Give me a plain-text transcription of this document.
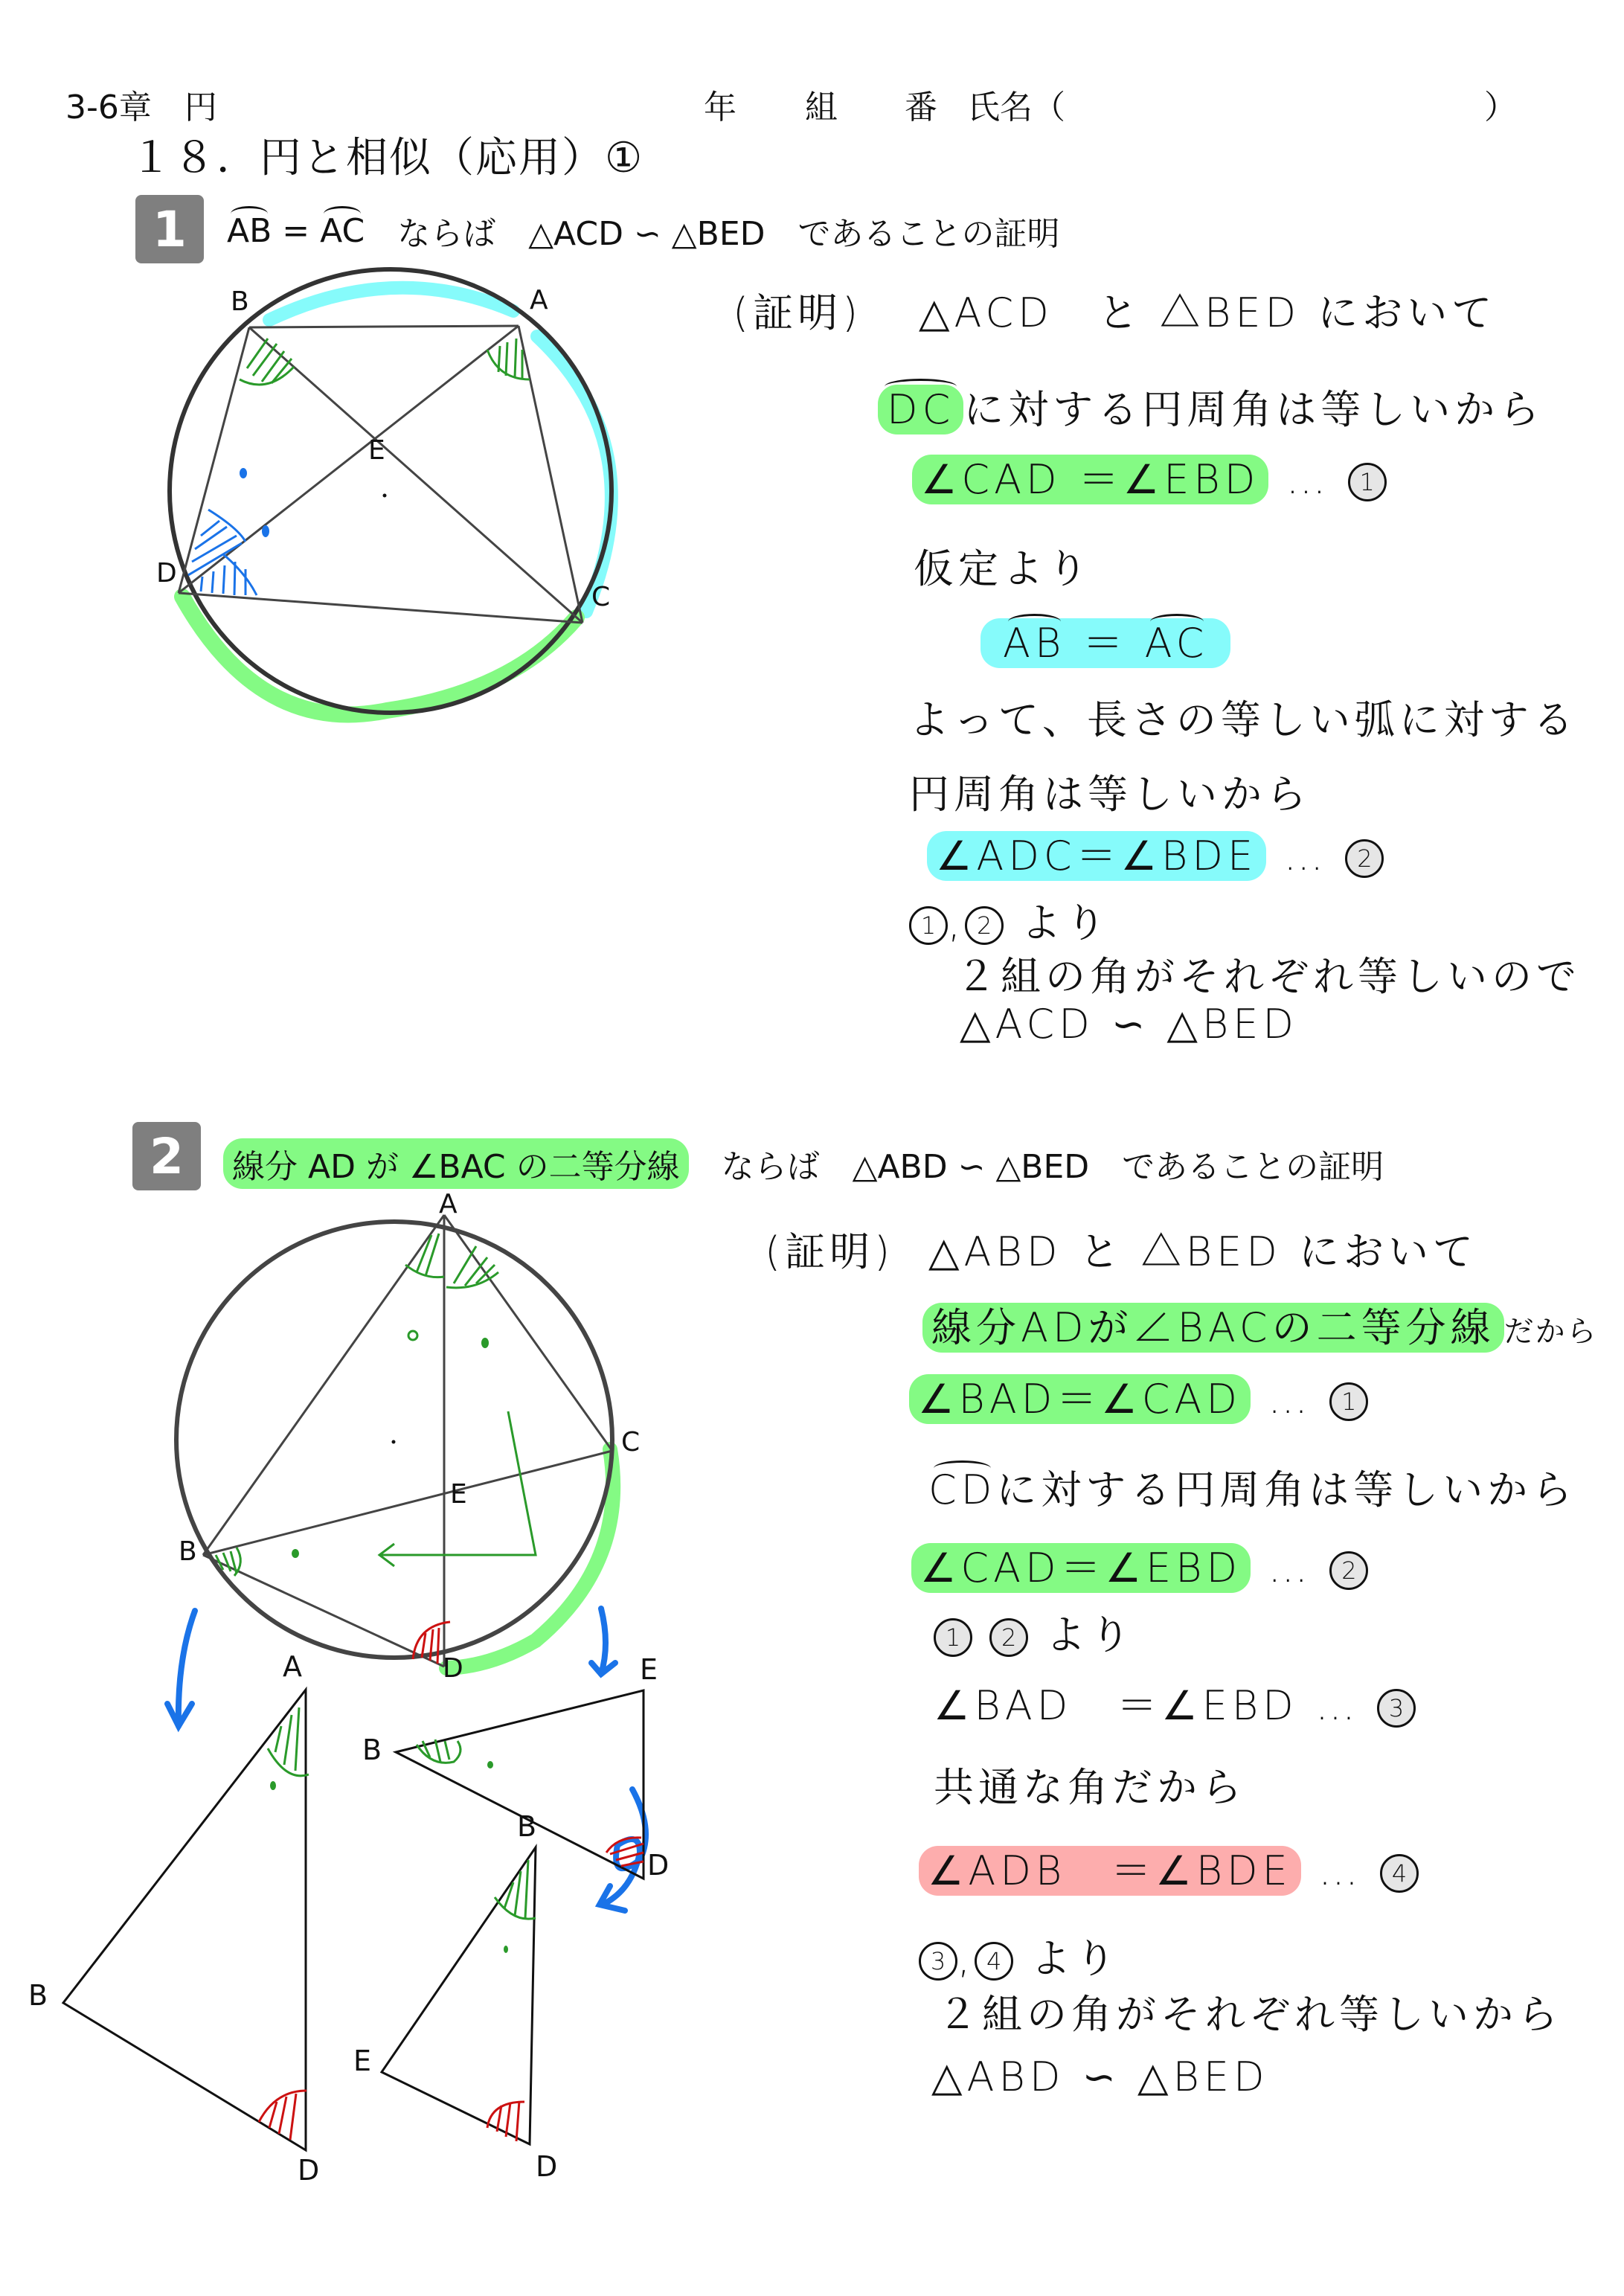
3-6章　円	年 組 番 氏名（	）
１８．円と相似（応用）①
1	AB = AC 　ならば　△ACD ∽ △BED　であることの証明
B	A
E
D
C
(証明) △ACD　と △BED において
DC に対する円周角は等しいから
∠CAD ＝∠EBD … 1
仮定より
AB ＝ AC
よって、長さの等しい弧に対する
円周角は等しいから
∠ADC＝∠BDE … 2
1 , 2 より
２組の角がそれぞれ等しいので
△ACD ∽ △BED
2	線分 AD が ∠BAC の二等分線 　ならば　△ABD ∽ △BED　であることの証明
A
C
E
B
D
A
B
D
B
E
D
B
E
D
(証明) △ABD と △BED において
線分ADが∠BACの二等分線 だから
∠BAD＝∠CAD … 1
CDに対する円周角は等しいから
∠CAD＝∠EBD … 2
1 2 より
∠BAD　＝∠EBD … 3
共通な角だから
∠ADB　＝∠BDE … 4
3 , 4 より
２組の角がそれぞれ等しいから
△ABD ∽ △BED
